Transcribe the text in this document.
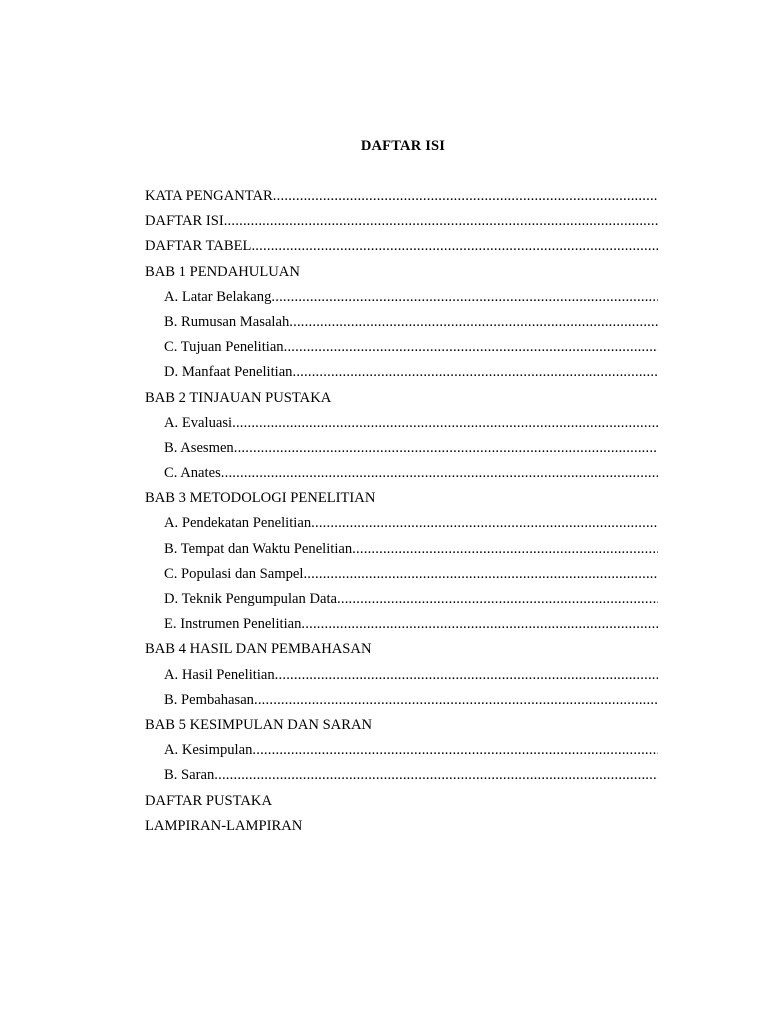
DAFTAR ISI
KATA PENGANTAR
.....
DAFTAR ISI
.....
DAFTAR TABEL
.....
BAB 1 PENDAHULUAN
A. Latar Belakang
.....
B. Rumusan Masalah
.....
C. Tujuan Penelitian
.....
D. Manfaat Penelitian
.....
BAB 2 TINJAUAN PUSTAKA
A. Evaluasi
.....
B. Asesmen
.....
C. Anates
.....
BAB 3 METODOLOGI PENELITIAN
A. Pendekatan Penelitian
.....
B. Tempat dan Waktu Penelitian
.....
C. Populasi dan Sampel
.....
D. Teknik Pengumpulan Data
.....
E. Instrumen Penelitian
.....
BAB 4 HASIL DAN PEMBAHASAN
A. Hasil Penelitian
.....
B. Pembahasan
.....
BAB 5 KESIMPULAN DAN SARAN
A. Kesimpulan
.....
B. Saran
.....
DAFTAR PUSTAKA
LAMPIRAN-LAMPIRAN
